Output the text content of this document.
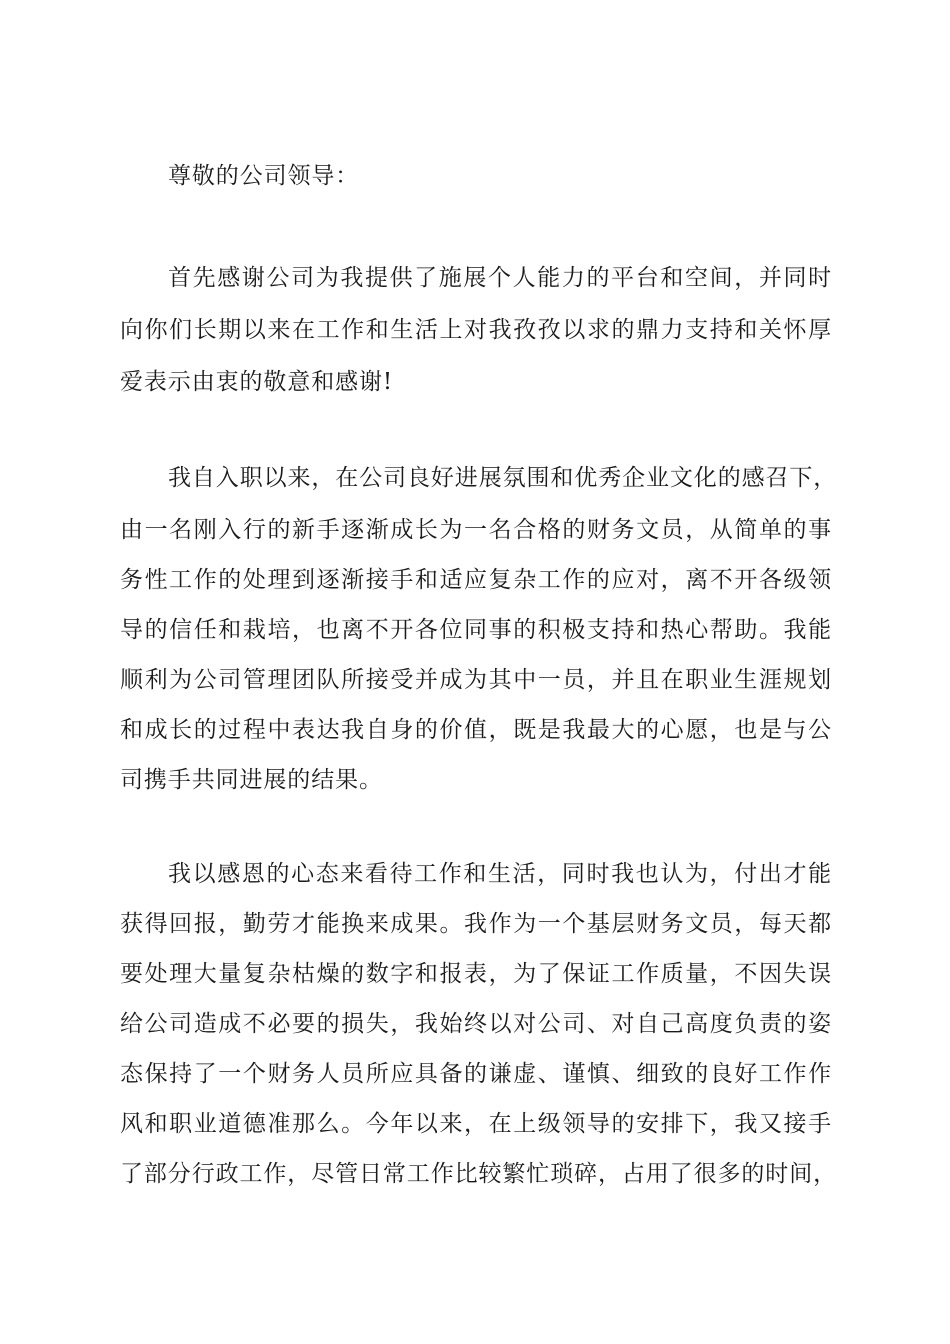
尊敬的公司领导：
首先感谢公司为我提供了施展个人能力的平台和空间，并同时
向你们长期以来在工作和生活上对我孜孜以求的鼎力支持和关怀厚
爱表示由衷的敬意和感谢!
我自入职以来，在公司良好进展氛围和优秀企业文化的感召下，
由一名刚入行的新手逐渐成长为一名合格的财务文员，从简单的事
务性工作的处理到逐渐接手和适应复杂工作的应对，离不开各级领
导的信任和栽培，也离不开各位同事的积极支持和热心帮助。我能
顺利为公司管理团队所接受并成为其中一员，并且在职业生涯规划
和成长的过程中表达我自身的价值，既是我最大的心愿，也是与公
司携手共同进展的结果。
我以感恩的心态来看待工作和生活，同时我也认为，付出才能
获得回报，勤劳才能换来成果。我作为一个基层财务文员，每天都
要处理大量复杂枯燥的数字和报表，为了保证工作质量，不因失误
给公司造成不必要的损失，我始终以对公司、对自己高度负责的姿
态保持了一个财务人员所应具备的谦虚、谨慎、细致的良好工作作
风和职业道德准那么。今年以来，在上级领导的安排下，我又接手
了部分行政工作，尽管日常工作比较繁忙琐碎，占用了很多的时间，
